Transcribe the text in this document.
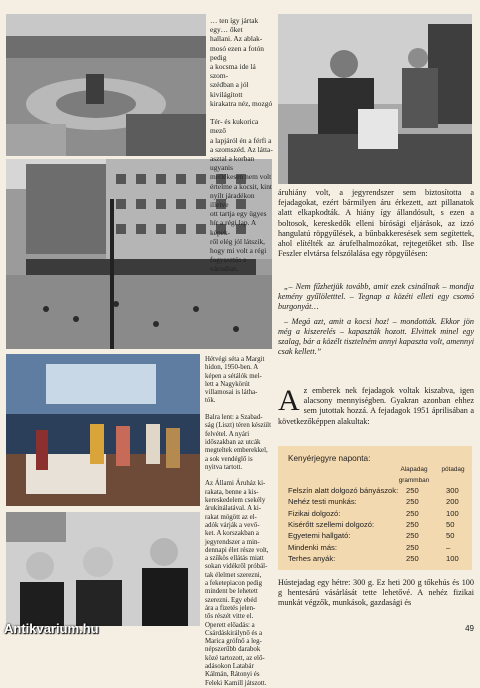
… ten így jártak egy… őket
hallani. Az ablak-
mosó ezen a fotón pedig
a kocsma ide lá szom-
szédban a jól kivilágított
kirakatra néz, mozgó

Tér- és kukorica mező
a lapjáról én a férfi a
a szomszéd. Az látta-
asztal a korban ugyanis
mellékesen nem volt
értelme a kocsit, kint
nyílt járadékon illetve
ott tartja egy ügyes
hír a régi lap. A képek-
ről elég jól látszik,
hogy mi volt a régi
fogyasztás a városban.
Hétvégi séta a Margit
hídon, 1950-ben. A
képen a sétálók mel-
lett a Nagykörút
villamosai is látha-
tók.

Balra lent: a Szabad-
ság (Liszt) téren készült
felvétel. A nyári
időszakban az utcák
megteltek emberekkel,
a sok vendéglő is
nyitva tartott.

Az Állami Áruház ki-
rakata, benne a kis-
kereskedelem csekély
árukínálatával. A ki-
rakat mögött az el-
adók várják a vevő-
ket. A korszakban a
jegyrendszer a min-
dennapi élet része volt,
a szűkös ellátás miatt
sokan vidékről próbál-
tak élelmet szerezni,
a feketepiacon pedig
mindent be lehetett
szerezni. Egy ebéd
ára a fizetés jelen-
tős részét vitte el.
Operett előadás: a
Csárdáskirálynő és a
Marica grófnő a leg-
népszerűbb darabok
közé tartozott, az elő-
adásokon Latabár
Kálmán, Rátonyi és
Feleki Kamill játszott.

áruhiány volt, a jegyrendszer sem biztosította a fejadagokat, ezért bármilyen áru érkezett, azt pillanatok alatt elkapkodták. A hiány így állandósult, s ezen a boltosok, kereskedők elleni bírósági eljárások, az izzó hangulatú röpgyűlések, a bűnbakkeresések sem segítettek, ahol elítélték az árufelhalmozókat, rejtegetőket stb. Ilse Feszler elvtársa felszólalása egy röpgyűlésen:

„– Nem fűzhetjük tovább, amit ezek csinálnak – mondja kemény gyűlöletttel. – Tegnap a közéti elleti egy csomó burgonyát…

– Megá azt, amit a kocsi hoz! – mondották. Ekkor jön még a kiszerelés – kapaszták hozott. Elvittek minel egy szalag, bár a közélt tisztelném annyi kapaszta volt, amennyi csak kellett.”

A z emberek nek fejadagok voltak kiszabva, igen alacsony mennyiségben. Gyakran azonban ehhez sem jutottak hozzá. A fejadagok 1951 áprilisában a következőképpen alakultak:

Kenyérjegyre naponta:
Alapadag
grammban
pótadag
Felszín alatt dolgozó bányászok: 250	300
Nehéz testi munkás:	250	200
Fizikai dolgozó:	250	100
Kisérőtt szellemi dolgozó:	250	50
Egyetemi hallgató:	250	50
Mindenki más:	250	–
Terhes anyák:	250	100
Hústejadag egy hétre: 300 g. Ez heti 200 g tőkehús és 100 g hentesárú vásárlását tette lehetővé. A nehéz fizikai munkát végzők, munkások, gazdasági és
Antikvarium.hu	49
